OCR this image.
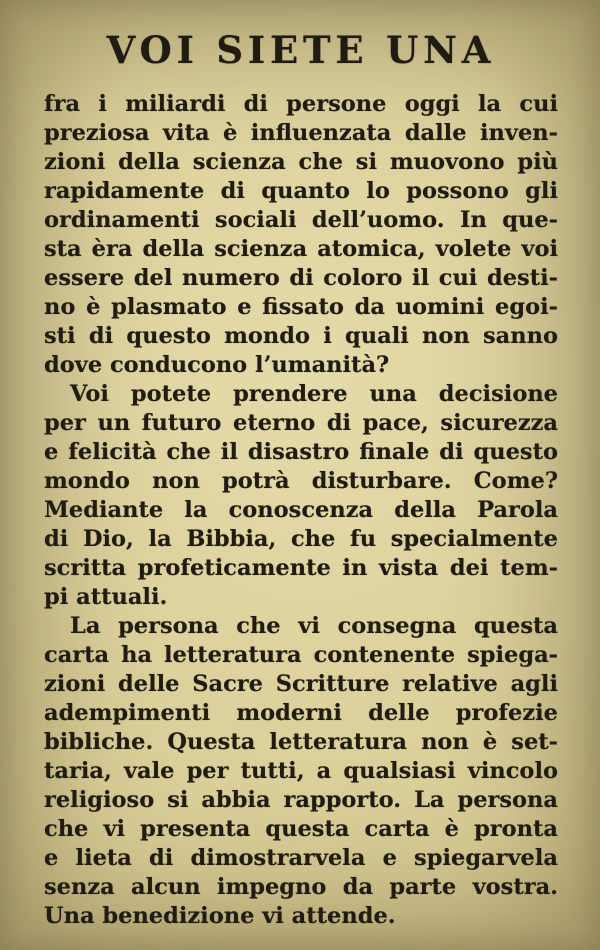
VOI SIETE UNA
fra i miliardi di persone oggi la cui
preziosa vita è influenzata dalle inven-
zioni della scienza che si muovono più
rapidamente di quanto lo possono gli
ordinamenti sociali dell’uomo. In que-
sta èra della scienza atomica, volete voi
essere del numero di coloro il cui desti-
no è plasmato e fissato da uomini egoi-
sti di questo mondo i quali non sanno
dove conducono l’umanità?
Voi potete prendere una decisione
per un futuro eterno di pace, sicurezza
e felicità che il disastro finale di questo
mondo non potrà disturbare. Come?
Mediante la conoscenza della Parola
di Dio, la Bibbia, che fu specialmente
scritta profeticamente in vista dei tem-
pi attuali.
La persona che vi consegna questa
carta ha letteratura contenente spiega-
zioni delle Sacre Scritture relative agli
adempimenti moderni delle profezie
bibliche. Questa letteratura non è set-
taria, vale per tutti, a qualsiasi vincolo
religioso si abbia rapporto. La persona
che vi presenta questa carta è pronta
e lieta di dimostrarvela e spiegarvela
senza alcun impegno da parte vostra.
Una benedizione vi attende.
